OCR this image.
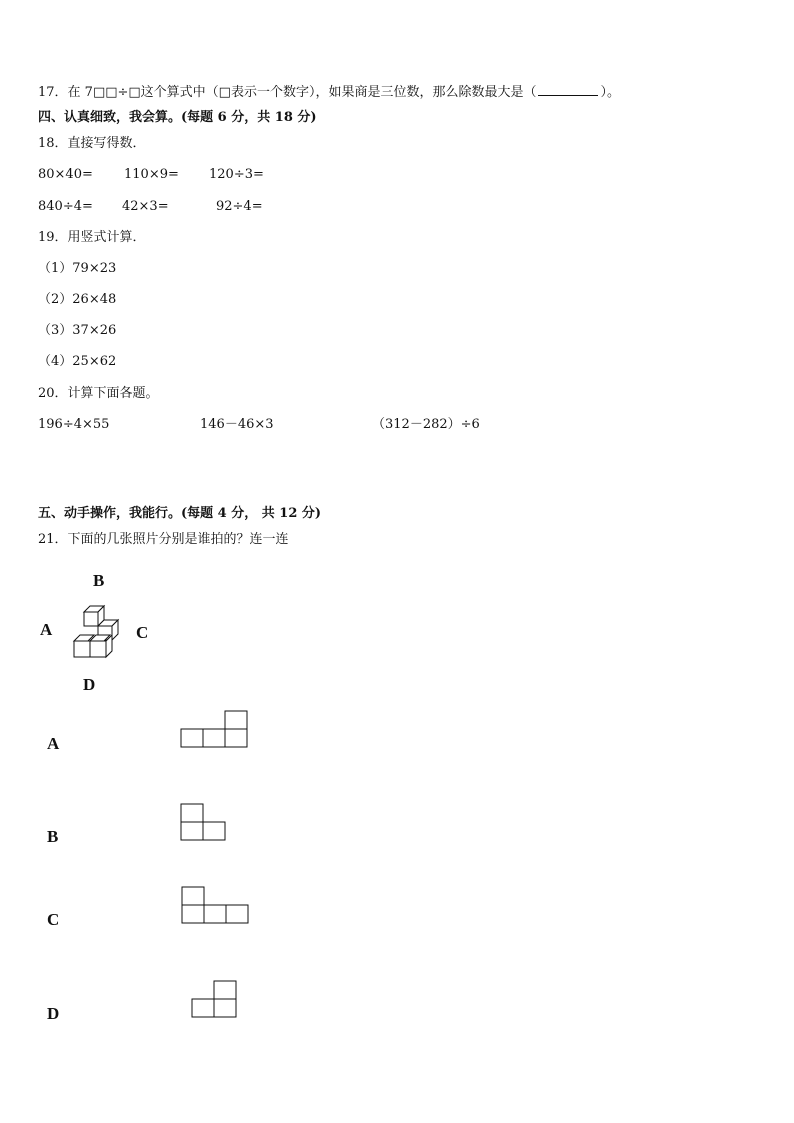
17．在 7□□÷□这个算式中（□表示一个数字），如果商是三位数，那么除数最大是（	）。
四、认真细致，我会算。(每题 6 分，共 18 分)
18．直接写得数．
80×40= 110×9= 120÷3=
840÷4= 42×3=	92÷4=
19．用竖式计算．
（1）79×23
（2）26×48
（3）37×26
（4）25×62
20．计算下面各题。
196÷4×55	146－46×3	（312－282）÷6
五、动手操作，我能行。(每题 4 分， 共 12 分)
21．下面的几张照片分别是谁拍的？连一连
B
A	C
D
A
B
C
D
